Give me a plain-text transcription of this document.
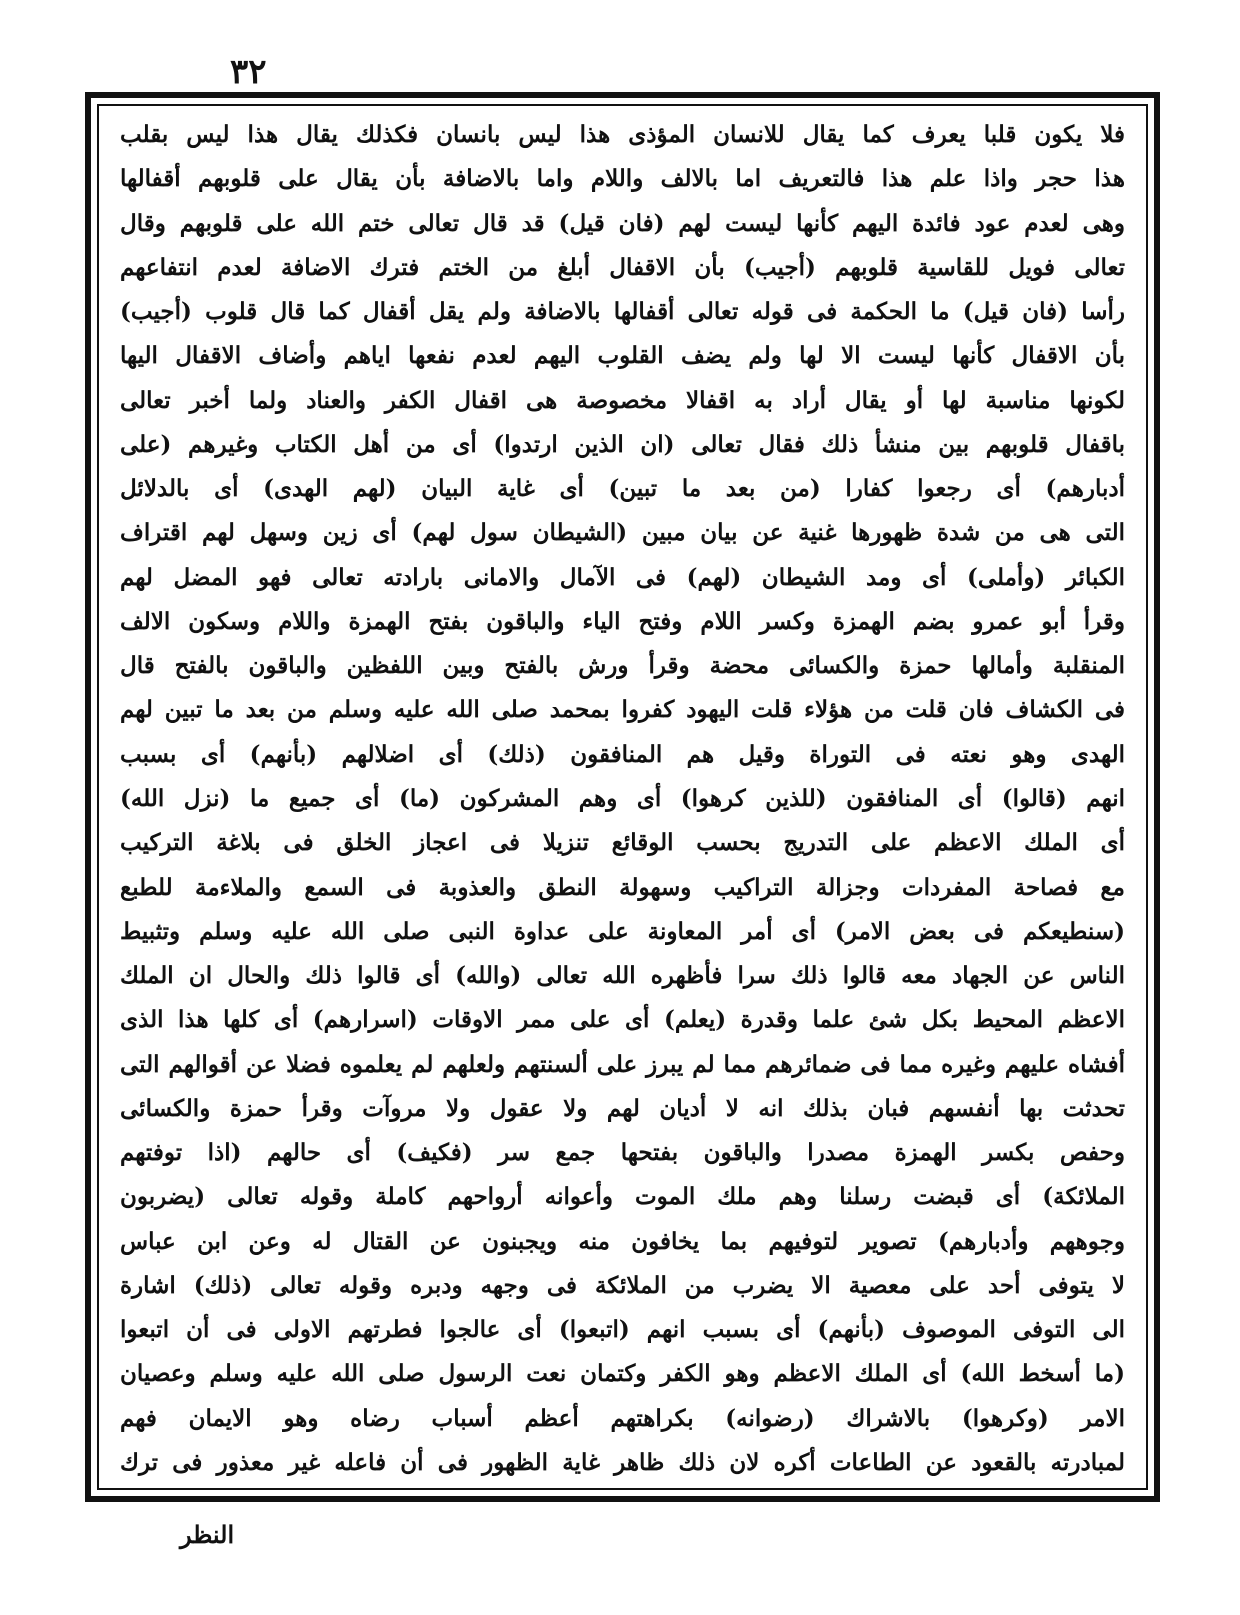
٣٢
فلا يكون قلبا يعرف كما يقال للانسان المؤذى هذا ليس بانسان فكذلك يقال هذا ليس بقلب
هذا حجر واذا علم هذا فالتعريف اما بالالف واللام واما بالاضافة بأن يقال على قلوبهم أقفالها
وهى لعدم عود فائدة اليهم كأنها ليست لهم (فان قيل) قد قال تعالى ختم الله على قلوبهم وقال
تعالى فويل للقاسية قلوبهم (أجيب) بأن الاقفال أبلغ من الختم فترك الاضافة لعدم انتفاعهم
رأسا (فان قيل) ما الحكمة فى قوله تعالى أقفالها بالاضافة ولم يقل أقفال كما قال قلوب (أجيب)
بأن الاقفال كأنها ليست الا لها ولم يضف القلوب اليهم لعدم نفعها اياهم وأضاف الاقفال اليها
لكونها مناسبة لها أو يقال أراد به اقفالا مخصوصة هى اقفال الكفر والعناد ولما أخبر تعالى
باقفال قلوبهم بين منشأ ذلك فقال تعالى (ان الذين ارتدوا) أى من أهل الكتاب وغيرهم (على
أدبارهم) أى رجعوا كفارا (من بعد ما تبين) أى غاية البيان (لهم الهدى) أى بالدلائل
التى هى من شدة ظهورها غنية عن بيان مبين (الشيطان سول لهم) أى زين وسهل لهم اقتراف
الكبائر (وأملى) أى ومد الشيطان (لهم) فى الآمال والامانى بارادته تعالى فهو المضل لهم
وقرأ أبو عمرو بضم الهمزة وكسر اللام وفتح الياء والباقون بفتح الهمزة واللام وسكون الالف
المنقلبة وأمالها حمزة والكسائى محضة وقرأ ورش بالفتح وبين اللفظين والباقون بالفتح قال
فى الكشاف فان قلت من هؤلاء قلت اليهود كفروا بمحمد صلى الله عليه وسلم من بعد ما تبين لهم
الهدى وهو نعته فى التوراة وقيل هم المنافقون (ذلك) أى اضلالهم (بأنهم) أى بسبب
انهم (قالوا) أى المنافقون (للذين كرهوا) أى وهم المشركون (ما) أى جميع ما (نزل الله)
أى الملك الاعظم على التدريج بحسب الوقائع تنزيلا فى اعجاز الخلق فى بلاغة التركيب
مع فصاحة المفردات وجزالة التراكيب وسهولة النطق والعذوبة فى السمع والملاءمة للطبع
(سنطيعكم فى بعض الامر) أى أمر المعاونة على عداوة النبى صلى الله عليه وسلم وتثبيط
الناس عن الجهاد معه قالوا ذلك سرا فأظهره الله تعالى (والله) أى قالوا ذلك والحال ان الملك
الاعظم المحيط بكل شئ علما وقدرة (يعلم) أى على ممر الاوقات (اسرارهم) أى كلها هذا الذى
أفشاه عليهم وغيره مما فى ضمائرهم مما لم يبرز على ألسنتهم ولعلهم لم يعلموه فضلا عن أقوالهم التى
تحدثت بها أنفسهم فبان بذلك انه لا أديان لهم ولا عقول ولا مروآت وقرأ حمزة والكسائى
وحفص بكسر الهمزة مصدرا والباقون بفتحها جمع سر (فكيف) أى حالهم (اذا توفتهم
الملائكة) أى قبضت رسلنا وهم ملك الموت وأعوانه أرواحهم كاملة وقوله تعالى (يضربون
وجوههم وأدبارهم) تصوير لتوفيهم بما يخافون منه ويجبنون عن القتال له وعن ابن عباس
لا يتوفى أحد على معصية الا يضرب من الملائكة فى وجهه ودبره وقوله تعالى (ذلك) اشارة
الى التوفى الموصوف (بأنهم) أى بسبب انهم (اتبعوا) أى عالجوا فطرتهم الاولى فى أن اتبعوا
(ما أسخط الله) أى الملك الاعظم وهو الكفر وكتمان نعت الرسول صلى الله عليه وسلم وعصيان
الامر (وكرهوا) بالاشراك (رضوانه) بكراهتهم أعظم أسباب رضاه وهو الايمان فهم
لمبادرته بالقعود عن الطاعات أكره لان ذلك ظاهر غاية الظهور فى أن فاعله غير معذور فى ترك
النظر
